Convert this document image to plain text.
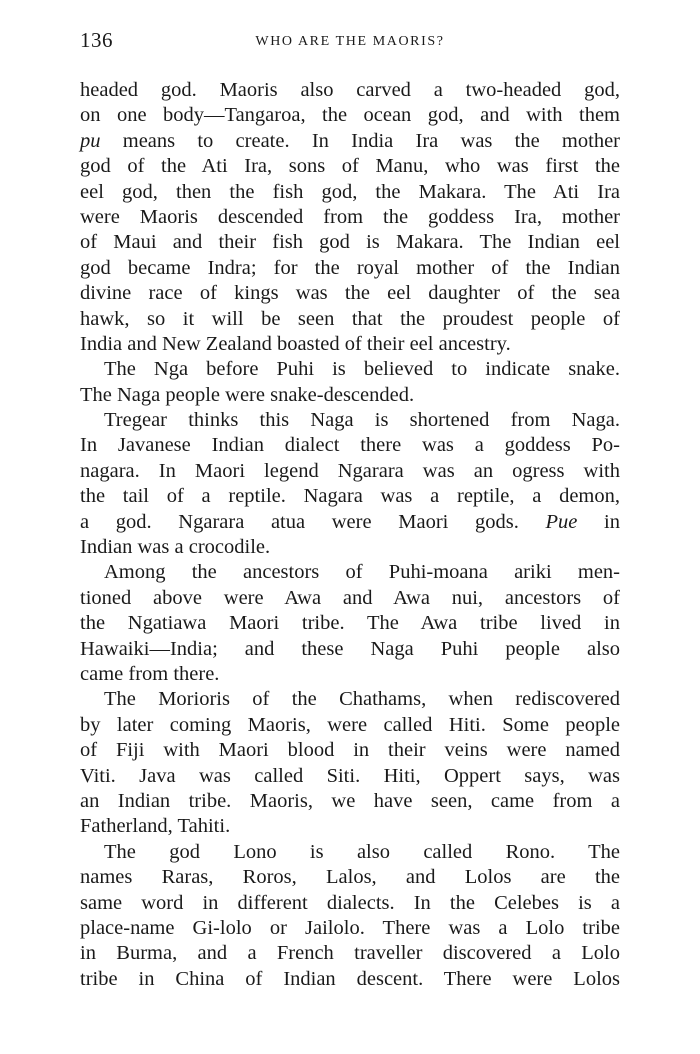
136	WHO ARE THE MAORIS?
headed god. Maoris also carved a two-headed god,
on one body—Tangaroa, the ocean god, and with them
pu means to create. In India Ira was the mother
god of the Ati Ira, sons of Manu, who was first the
eel god, then the fish god, the Makara. The Ati Ira
were Maoris descended from the goddess Ira, mother
of Maui and their fish god is Makara. The Indian eel
god became Indra; for the royal mother of the Indian
divine race of kings was the eel daughter of the sea
hawk, so it will be seen that the proudest people of
India and New Zealand boasted of their eel ancestry.
The Nga before Puhi is believed to indicate snake.
The Naga people were snake-descended.
Tregear thinks this Naga is shortened from Naga.
In Javanese Indian dialect there was a goddess Po-
nagara. In Maori legend Ngarara was an ogress with
the tail of a reptile. Nagara was a reptile, a demon,
a god. Ngarara atua were Maori gods. Pue in
Indian was a crocodile.
Among the ancestors of Puhi-moana ariki men-
tioned above were Awa and Awa nui, ancestors of
the Ngatiawa Maori tribe. The Awa tribe lived in
Hawaiki—India; and these Naga Puhi people also
came from there.
The Morioris of the Chathams, when rediscovered
by later coming Maoris, were called Hiti. Some people
of Fiji with Maori blood in their veins were named
Viti. Java was called Siti. Hiti, Oppert says, was
an Indian tribe. Maoris, we have seen, came from a
Fatherland, Tahiti.
The god Lono is also called Rono. The
names Raras, Roros, Lalos, and Lolos are the
same word in different dialects. In the Celebes is a
place-name Gi-lolo or Jailolo. There was a Lolo tribe
in Burma, and a French traveller discovered a Lolo
tribe in China of Indian descent. There were Lolos
